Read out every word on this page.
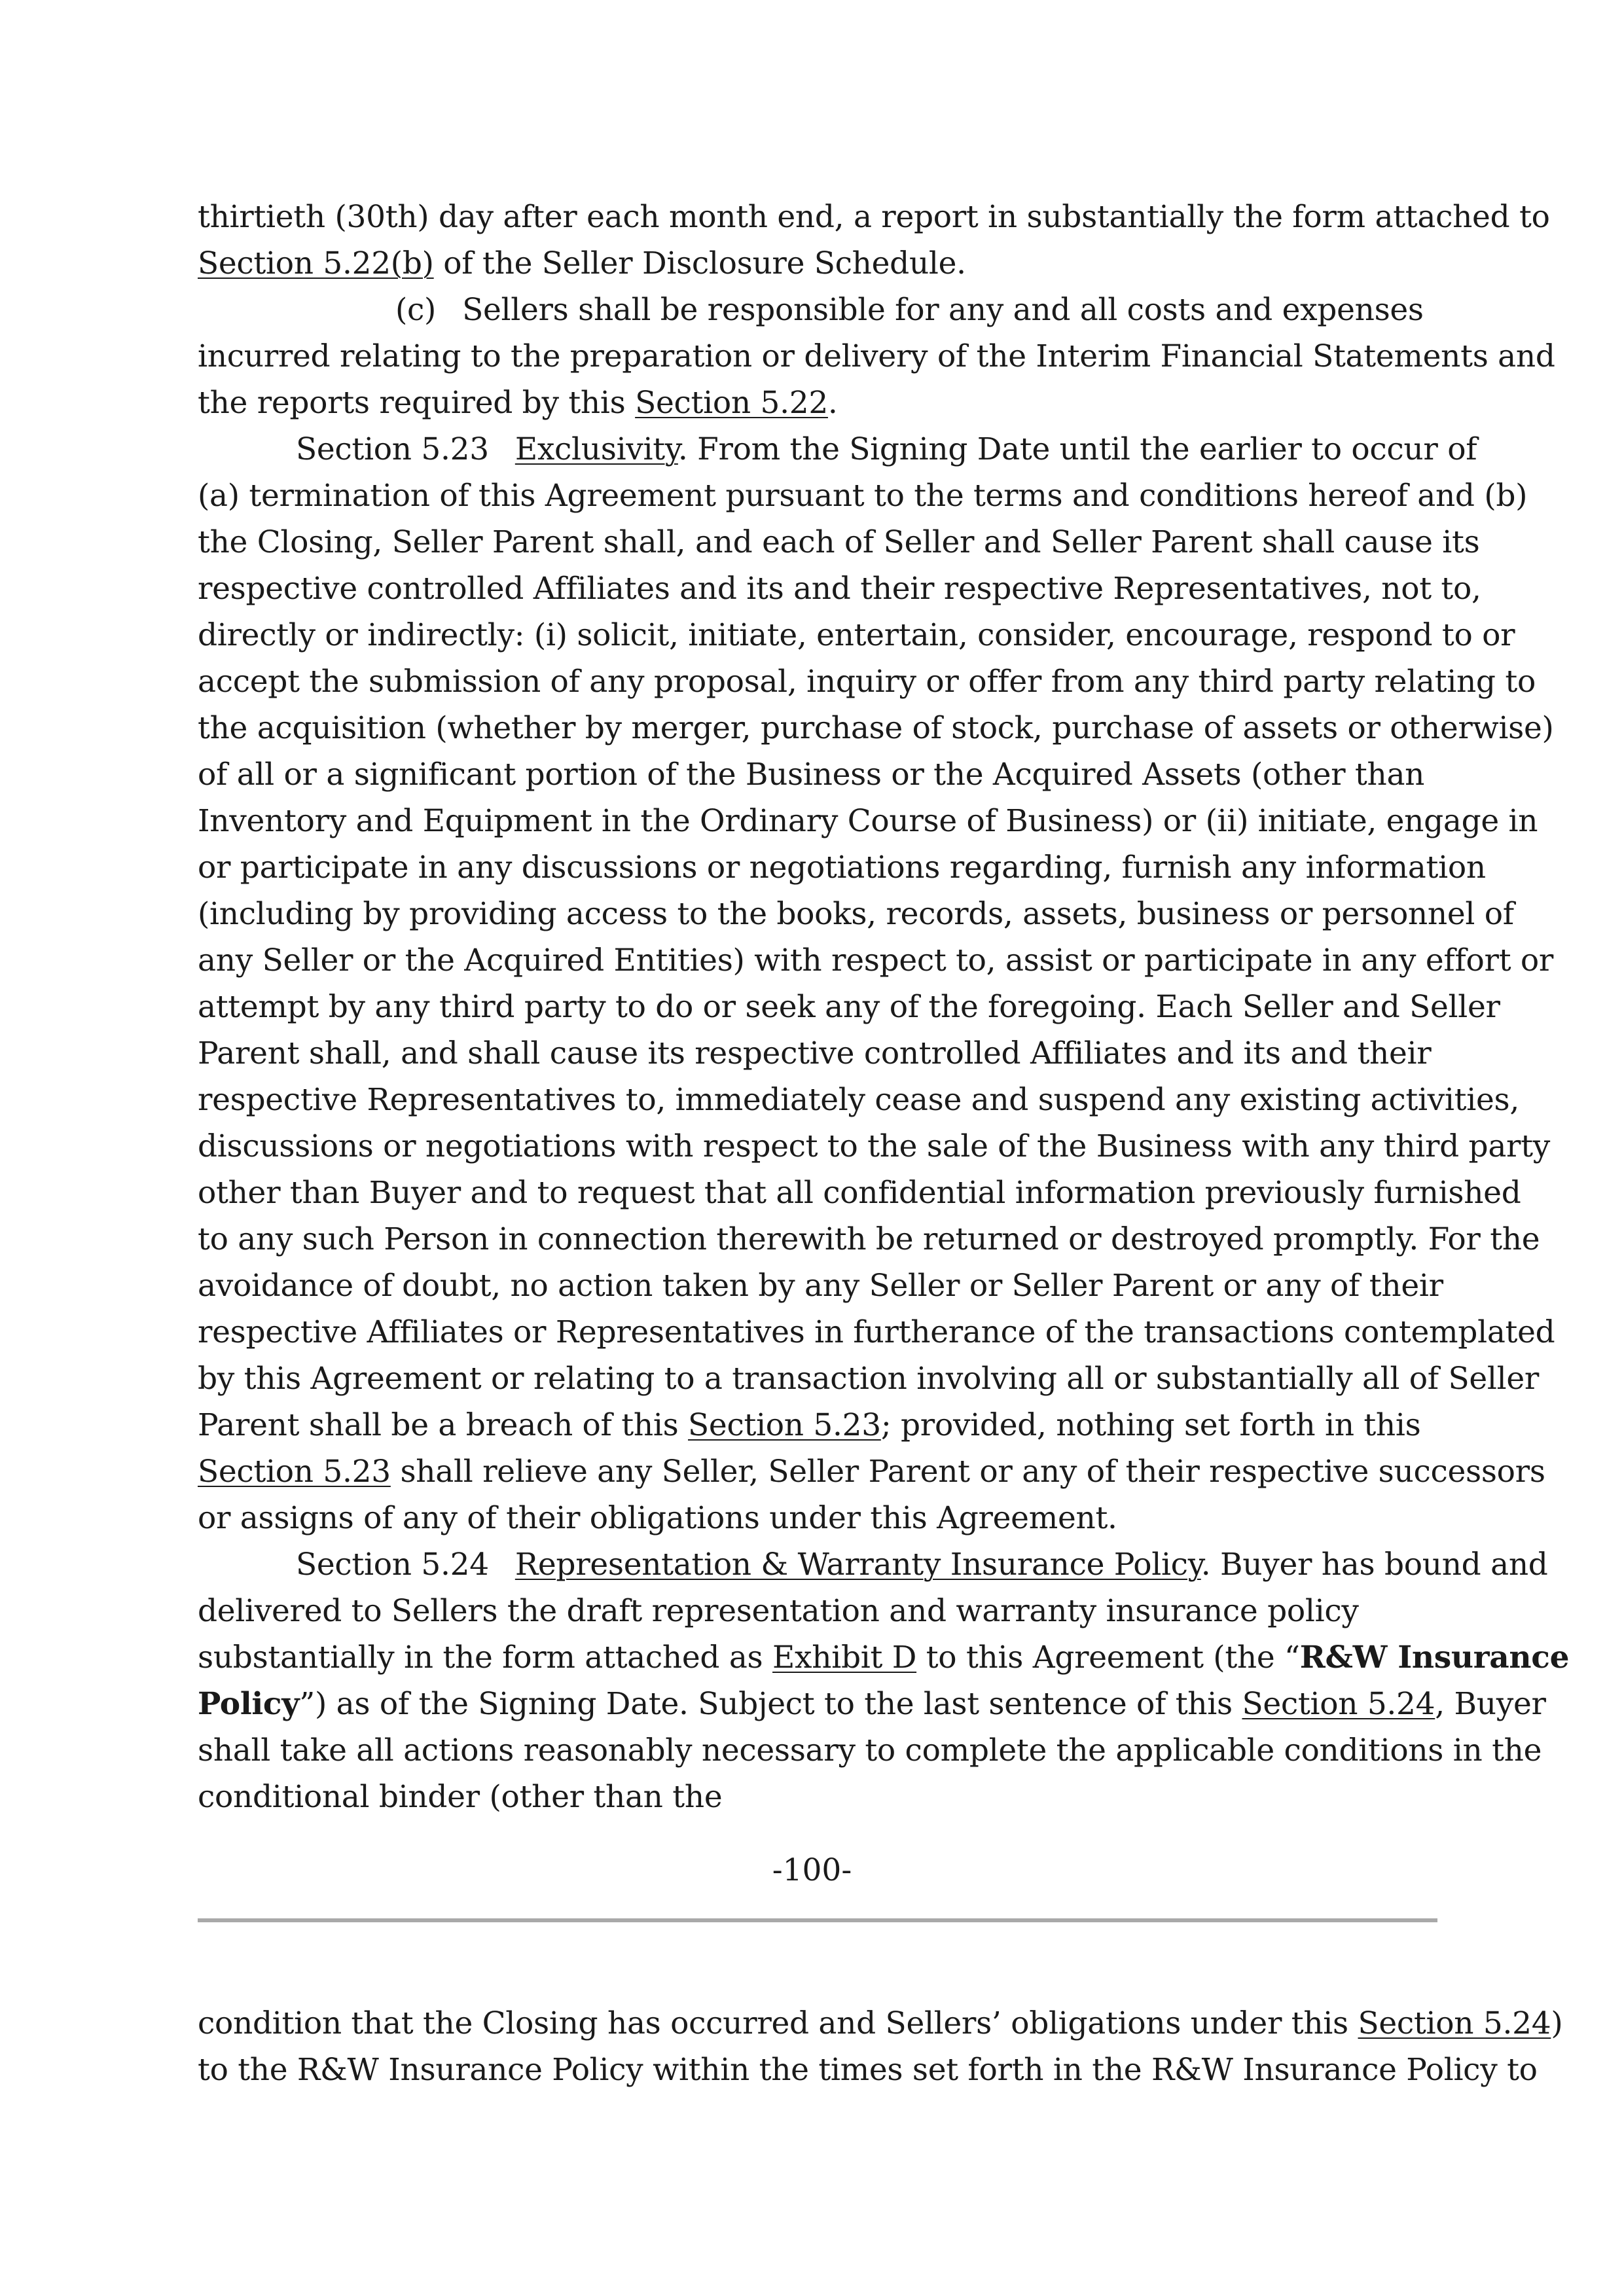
thirtieth (30th) day after each month end, a report in substantially the form attached to
Section 5.22(b) of the Seller Disclosure Schedule.
(c) Sellers shall be responsible for any and all costs and expenses
incurred relating to the preparation or delivery of the Interim Financial Statements and
the reports required by this Section 5.22.
Section 5.23 Exclusivity. From the Signing Date until the earlier to occur of
(a) termination of this Agreement pursuant to the terms and conditions hereof and (b)
the Closing, Seller Parent shall, and each of Seller and Seller Parent shall cause its
respective controlled Affiliates and its and their respective Representatives, not to,
directly or indirectly: (i) solicit, initiate, entertain, consider, encourage, respond to or
accept the submission of any proposal, inquiry or offer from any third party relating to
the acquisition (whether by merger, purchase of stock, purchase of assets or otherwise)
of all or a significant portion of the Business or the Acquired Assets (other than
Inventory and Equipment in the Ordinary Course of Business) or (ii) initiate, engage in
or participate in any discussions or negotiations regarding, furnish any information
(including by providing access to the books, records, assets, business or personnel of
any Seller or the Acquired Entities) with respect to, assist or participate in any effort or
attempt by any third party to do or seek any of the foregoing. Each Seller and Seller
Parent shall, and shall cause its respective controlled Affiliates and its and their
respective Representatives to, immediately cease and suspend any existing activities,
discussions or negotiations with respect to the sale of the Business with any third party
other than Buyer and to request that all confidential information previously furnished
to any such Person in connection therewith be returned or destroyed promptly. For the
avoidance of doubt, no action taken by any Seller or Seller Parent or any of their
respective Affiliates or Representatives in furtherance of the transactions contemplated
by this Agreement or relating to a transaction involving all or substantially all of Seller
Parent shall be a breach of this Section 5.23; provided, nothing set forth in this
Section 5.23 shall relieve any Seller, Seller Parent or any of their respective successors
or assigns of any of their obligations under this Agreement.
Section 5.24 Representation & Warranty Insurance Policy. Buyer has bound and
delivered to Sellers the draft representation and warranty insurance policy
substantially in the form attached as Exhibit D to this Agreement (the “R&W Insurance
Policy”) as of the Signing Date. Subject to the last sentence of this Section 5.24, Buyer
shall take all actions reasonably necessary to complete the applicable conditions in the
conditional binder (other than the
-100-
condition that the Closing has occurred and Sellers’ obligations under this Section 5.24)
to the R&W Insurance Policy within the times set forth in the R&W Insurance Policy to
